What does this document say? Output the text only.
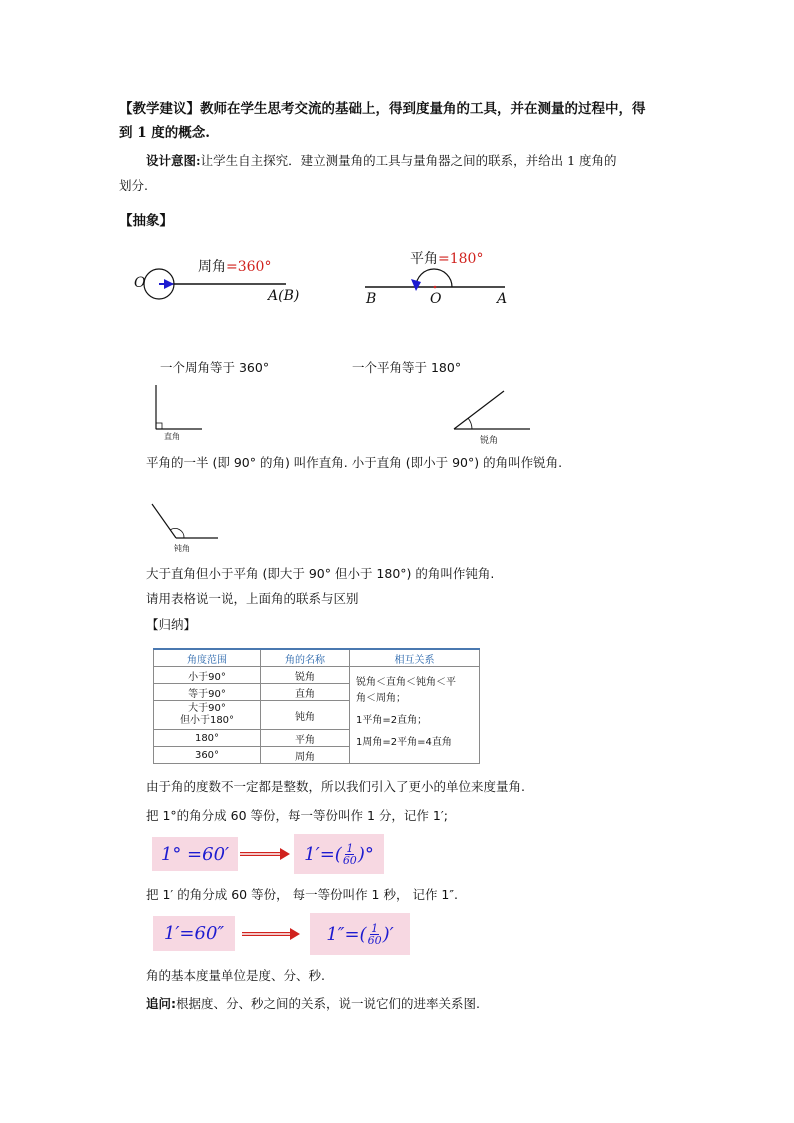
【教学建议】教师在学生思考交流的基础上，得到度量角的工具，并在测量的过程中，得
到 1 度的概念.
设计意图:让学生自主探究．建立测量角的工具与量角器之间的联系，并给出 1 度角的
划分.
【抽象】
O
A(B)
周角=360°
B	O	A
平角=180°
一个周角等于 360°	一个平角等于 180°
直角	锐角
平角的一半 (即 90° 的角) 叫作直角. 小于直角 (即小于 90°) 的角叫作锐角.
钝角
大于直角但小于平角 (即大于 90° 但小于 180°) 的角叫作钝角.
请用表格说一说，上面角的联系与区别
【归纳】
角度范围	角的名称	相互关系
小于90°	锐角	锐角＜直角＜钝角＜平
角＜周角；
1平角=2直角；
1周角=2平角=4直角

等于90°	直角	

大于90°
但小于180°	钝角	
180°	平角	
360°	周角	
由于角的度数不一定都是整数，所以我们引入了更小的单位来度量角.
把 1°的角分成 60 等份，每一等份叫作 1 分，记作 1′;
1° =60′	$1'=( \frac{1}{60}$ )°
把 1′ 的角分成 60 等份， 每一等份叫作 1 秒， 记作 1″.
1′=60″	$1''=( \frac{1}{60}$ )′
角的基本度量单位是度、分、秒.
追问:根据度、分、秒之间的关系，说一说它们的进率关系图.
